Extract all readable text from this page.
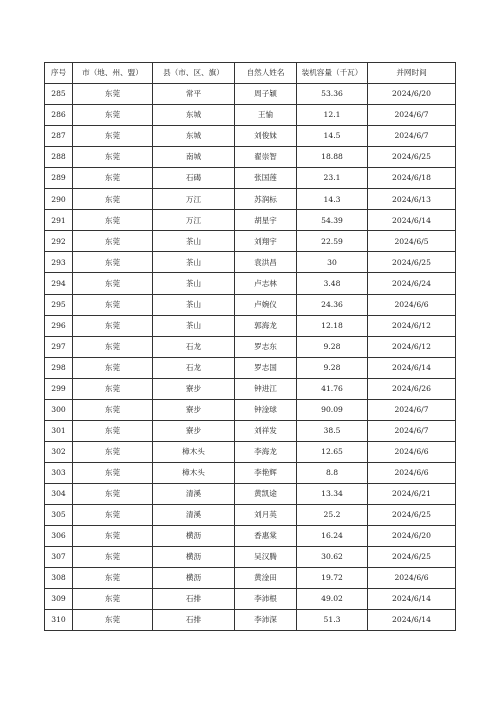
序号	市（地、州、盟）	县（市、区、旗）	自然人姓名	装机容量（千瓦）	并网时间
285	东莞	常平	周子颖	53.36	2024/6/20
286	东莞	东城	王愉	12.1	2024/6/7
287	东莞	东城	刘俊妹	14.5	2024/6/7
288	东莞	南城	翟崇智	18.88	2024/6/25
289	东莞	石碣	张国莲	23.1	2024/6/18
290	东莞	万江	苏润标	14.3	2024/6/13
291	东莞	万江	胡星宇	54.39	2024/6/14
292	东莞	茶山	刘翔宇	22.59	2024/6/5
293	东莞	茶山	袁洪昌	30	2024/6/25
294	东莞	茶山	卢志林	3.48	2024/6/24
295	东莞	茶山	卢婉仪	24.36	2024/6/6
296	东莞	茶山	郭海龙	12.18	2024/6/12
297	东莞	石龙	罗志东	9.28	2024/6/12
298	东莞	石龙	罗志国	9.28	2024/6/14
299	东莞	寮步	钟进江	41.76	2024/6/26
300	东莞	寮步	钟淦球	90.09	2024/6/7
301	东莞	寮步	刘祥发	38.5	2024/6/7
302	东莞	樟木头	李海龙	12.65	2024/6/6
303	东莞	樟木头	李艳辉	8.8	2024/6/6
304	东莞	清溪	黄凯途	13.34	2024/6/21
305	东莞	清溪	刘月英	25.2	2024/6/25
306	东莞	横沥	香惠棠	16.24	2024/6/20
307	东莞	横沥	吴汉腾	30.62	2024/6/25
308	东莞	横沥	黄淦田	19.72	2024/6/6
309	东莞	石排	李沛根	49.02	2024/6/14
310	东莞	石排	李沛深	51.3	2024/6/14
